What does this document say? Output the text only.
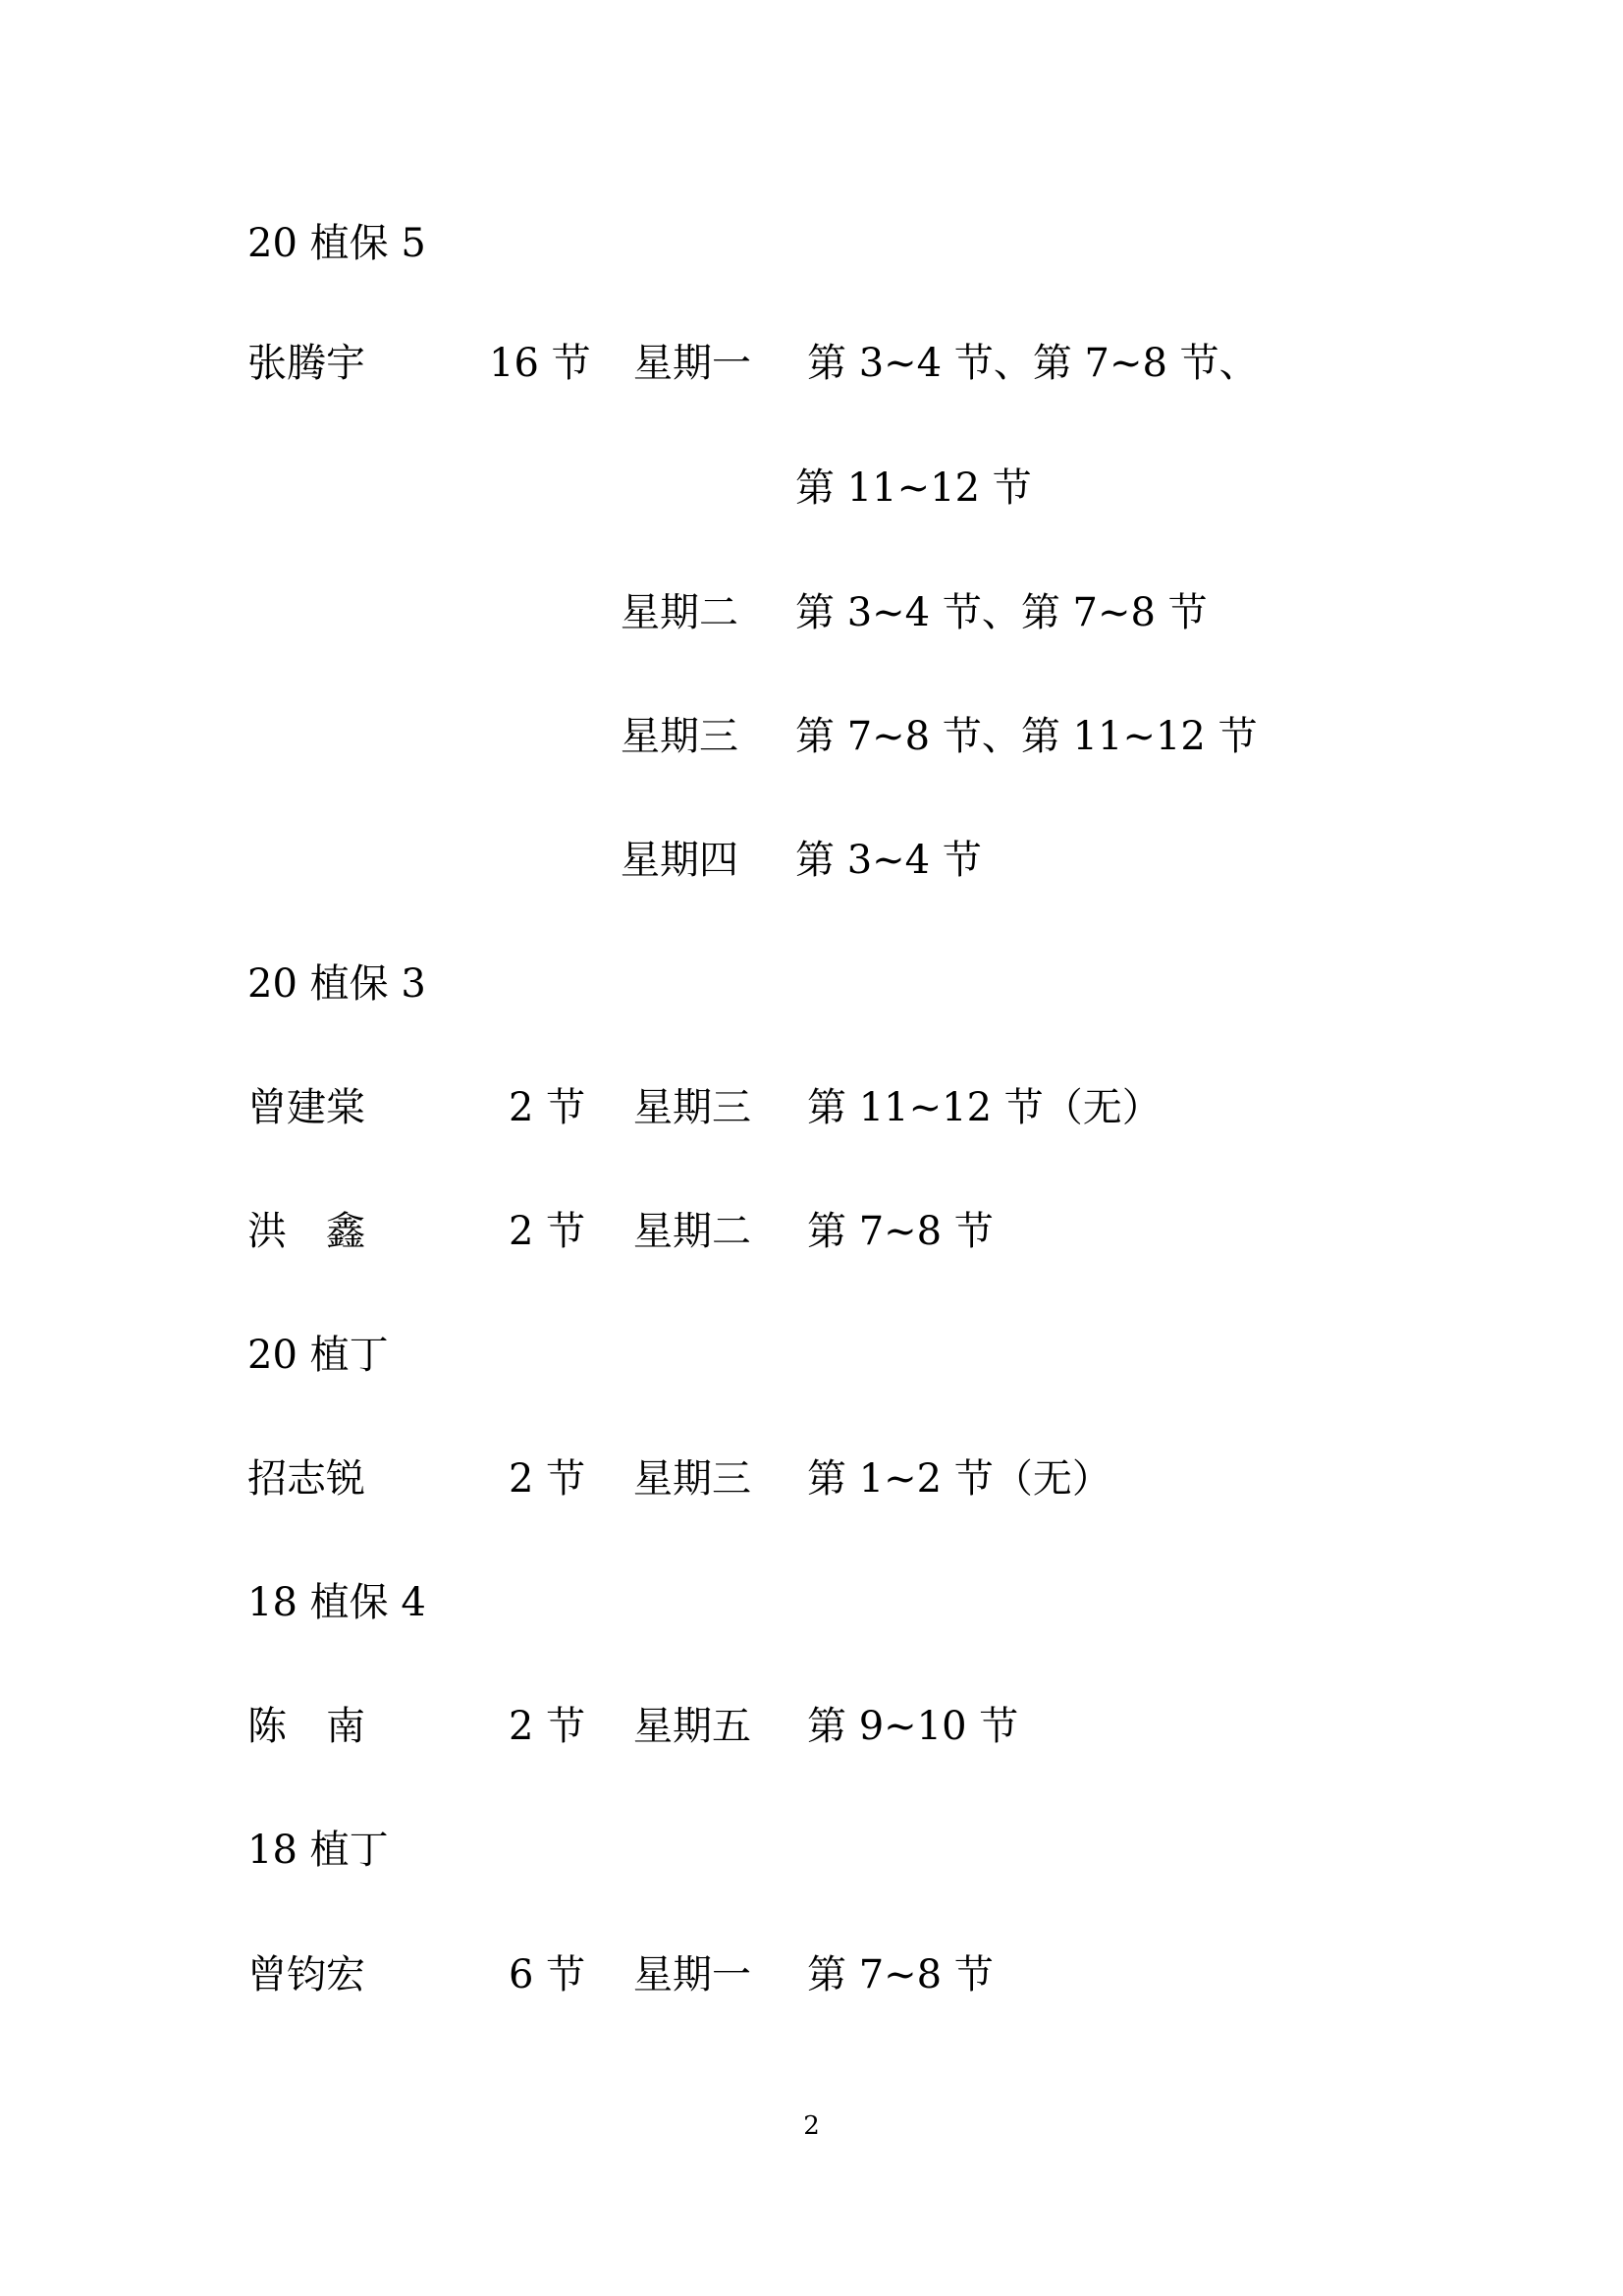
20 植保 5
张腾宇	16 节 星期一 第 3~4 节、第 7~8 节、
第 11~12 节
星期二 第 3~4 节、第 7~8 节
星期三 第 7~8 节、第 11~12 节
星期四 第 3~4 节
20 植保 3
曾建棠	2 节 星期三 第 11~12 节（无）
洪　鑫	2 节 星期二 第 7~8 节
20 植丁
招志锐	2 节 星期三 第 1~2 节（无）
18 植保 4
陈　南	2 节 星期五 第 9~10 节
18 植丁
曾钧宏	6 节 星期一 第 7~8 节
2
